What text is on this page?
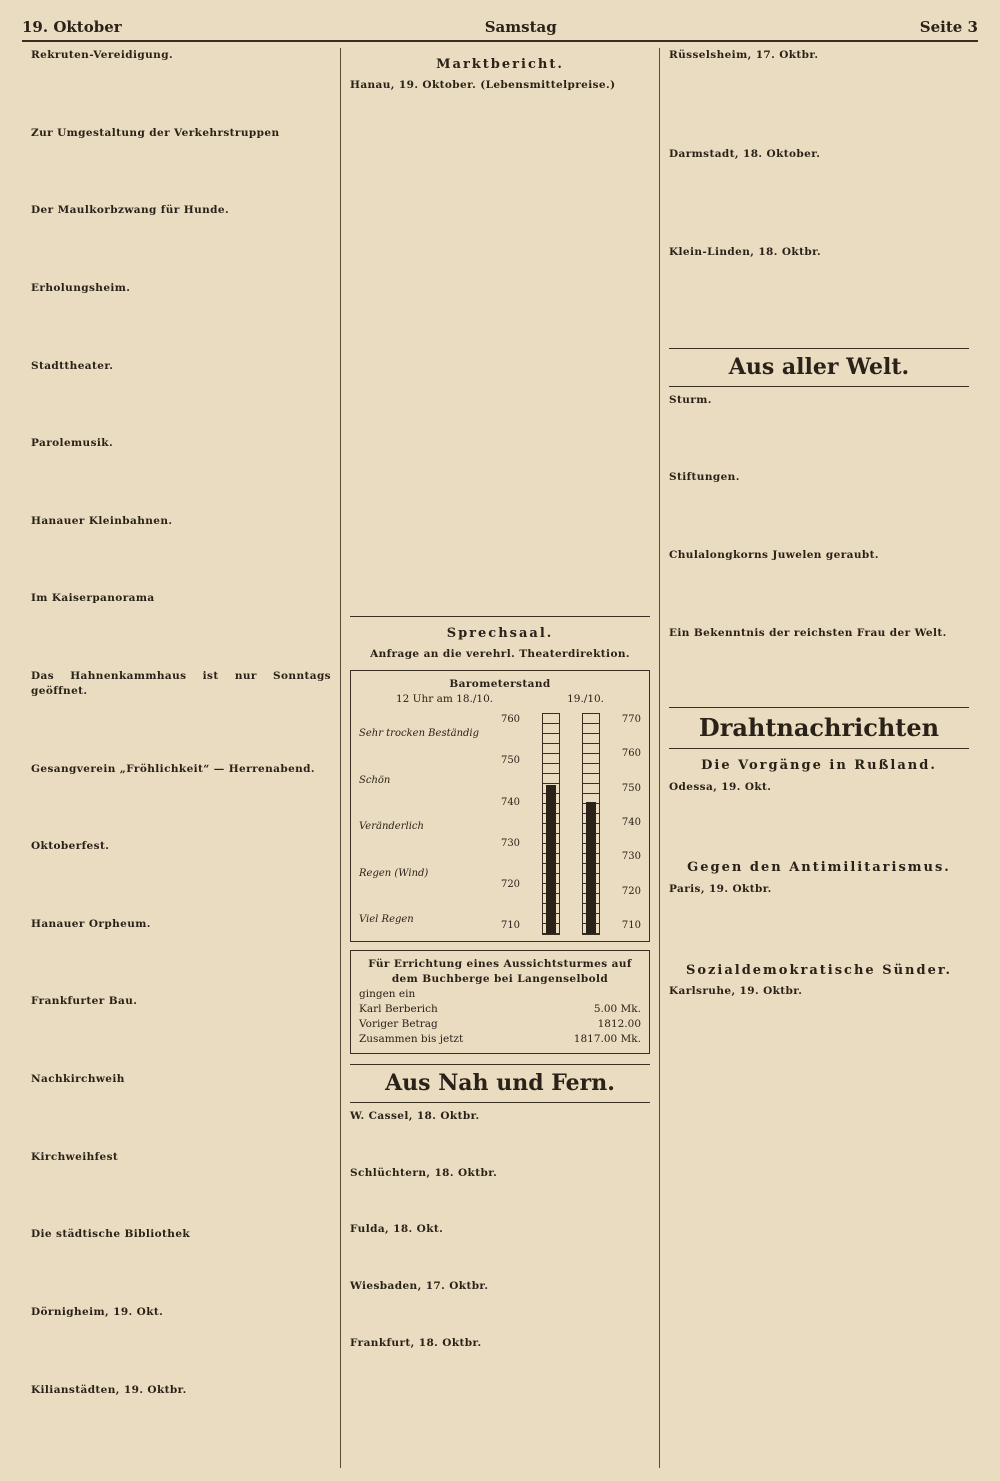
19. Oktober	Samstag	Seite 3
Rekruten-Vereidigung.

Zur Umgestaltung der Verkehrstruppen

Der Maulkorbzwang für Hunde.

Erholungsheim.

Stadttheater.

Parolemusik.

Hanauer Kleinbahnen.

Im Kaiserpanorama

Das Hahnenkammhaus ist nur Sonntags geöffnet.

Gesangverein „Fröhlichkeit“ — Herrenabend.

Oktoberfest.

Hanauer Orpheum.

Frankfurter Bau.

Nachkirchweih

Kirchweihfest

Die städtische Bibliothek

Dörnigheim, 19. Okt.

Kilianstädten, 19. Oktbr.

Marktbericht.
Hanau, 19. Oktober. (Lebensmittelpreise.)

Sprechsaal.
Anfrage an die verehrl. Theaterdirektion.
Barometerstand
12 Uhr am 18./10.	19./10.
Sehr trocken Beständig
Schön
Veränderlich
Regen (Wind)
Viel Regen
760
750
740
730
720
710
770
760
750
740
730
720
710
Für Errichtung eines Aussichtsturmes auf dem Buchberge bei Langenselbold
gingen ein
Karl Berberich	5.00 Mk.
Voriger Betrag	1812.00
Zusammen bis jetzt	1817.00 Mk.
Aus Nah und Fern.
W. Cassel, 18. Oktbr.

Schlüchtern, 18. Oktbr.

Fulda, 18. Okt.

Wiesbaden, 17. Oktbr.

Frankfurt, 18. Oktbr.

Rüsselsheim, 17. Oktbr.

Darmstadt, 18. Oktober.

Klein-Linden, 18. Oktbr.

Aus aller Welt.
Sturm.

Stiftungen.

Chulalongkorns Juwelen geraubt.

Ein Bekenntnis der reichsten Frau der Welt.

Drahtnachrichten
Die Vorgänge in Rußland.
Odessa, 19. Okt.

Gegen den Antimilitarismus.
Paris, 19. Oktbr.

Sozialdemokratische Sünder.
Karlsruhe, 19. Oktbr.
